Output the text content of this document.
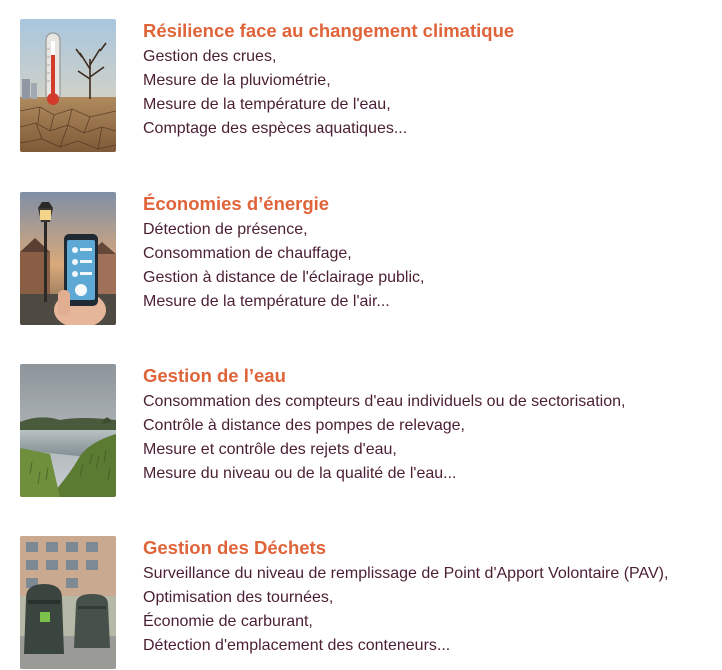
Résilience face au changement climatique
Gestion des crues,
Mesure de la pluviométrie,
Mesure de la température de l'eau,
Comptage des espèces aquatiques...
Économies d’énergie
Détection de présence,
Consommation de chauffage,
Gestion à distance de l'éclairage public,
Mesure de la température de l'air...
Gestion de l’eau
Consommation des compteurs d'eau individuels ou de sectorisation,
Contrôle à distance des pompes de relevage,
Mesure et contrôle des rejets d'eau,
Mesure du niveau ou de la qualité de l'eau...
Gestion des Déchets
Surveillance du niveau de remplissage de Point d'Apport Volontaire (PAV),
Optimisation des tournées,
Économie de carburant,
Détection d'emplacement des conteneurs...
